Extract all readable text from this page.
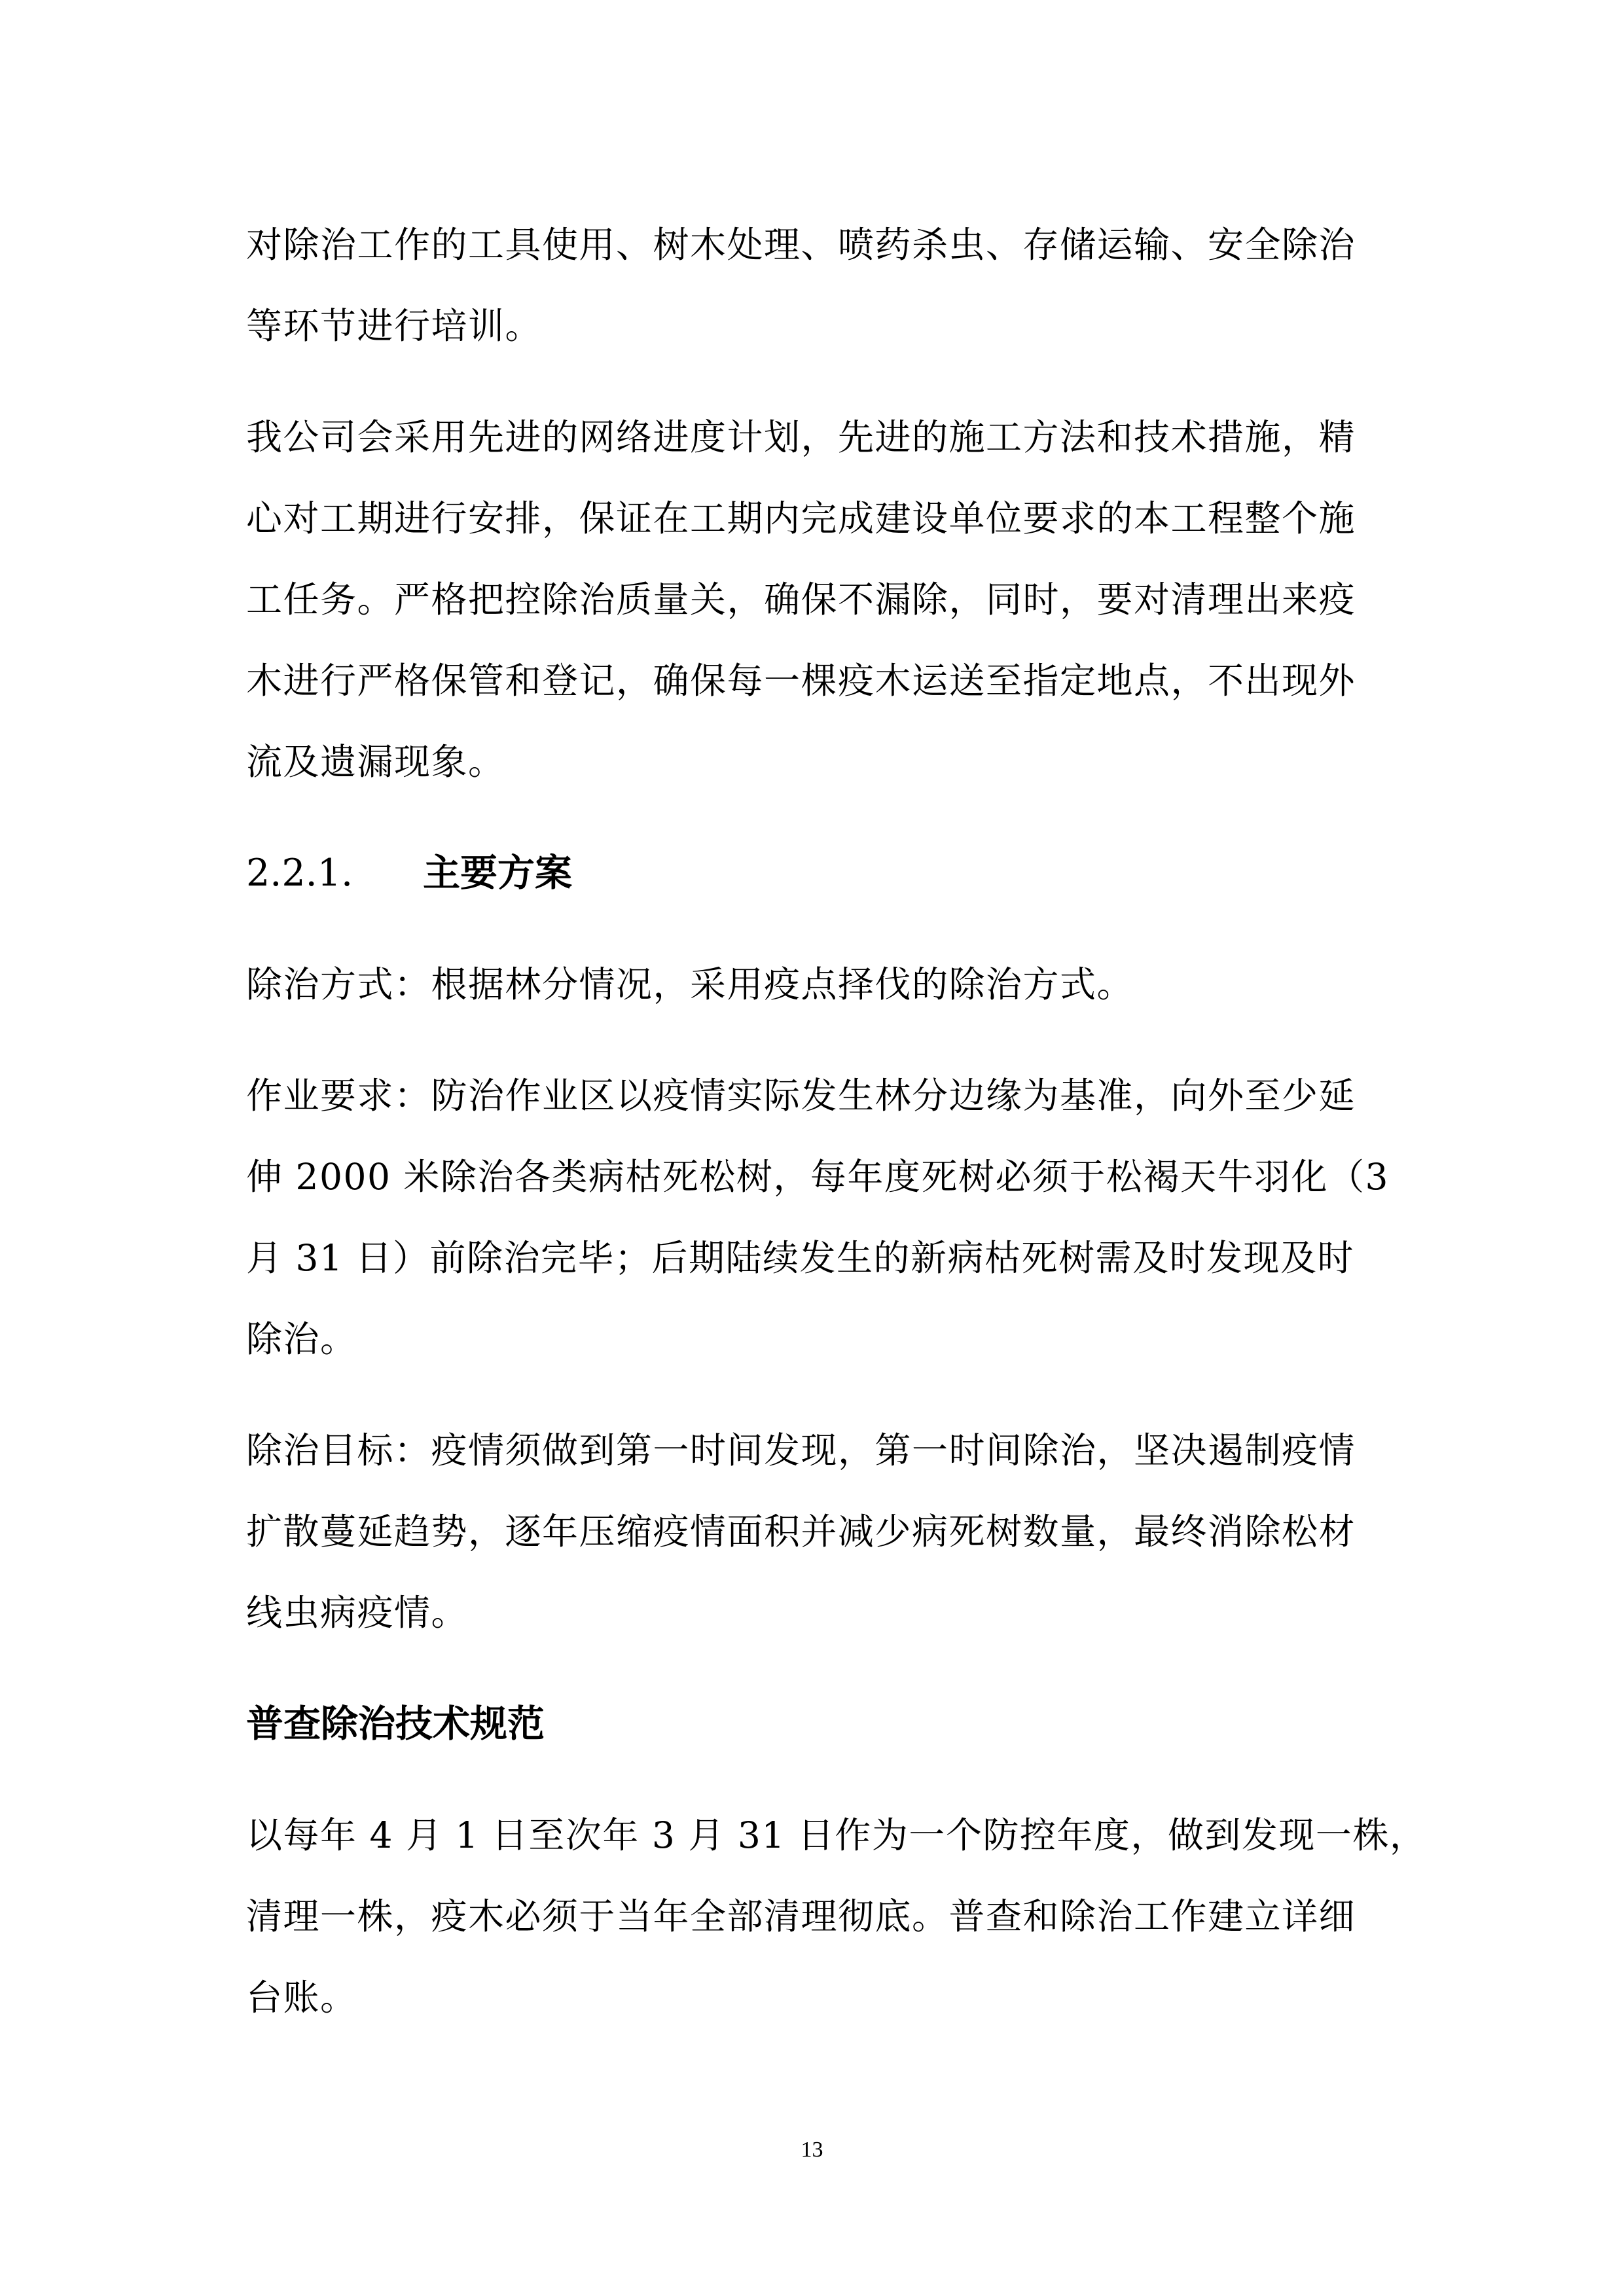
对除治工作的工具使用、树木处理、喷药杀虫、存储运输、安全除治
等环节进行培训。
我公司会采用先进的网络进度计划，先进的施工方法和技术措施，精
心对工期进行安排，保证在工期内完成建设单位要求的本工程整个施
工任务。严格把控除治质量关，确保不漏除，同时，要对清理出来疫
木进行严格保管和登记，确保每一棵疫木运送至指定地点，不出现外
流及遗漏现象。
2.2.1. 主要方案
除治方式：根据林分情况，采用疫点择伐的除治方式。
作业要求：防治作业区以疫情实际发生林分边缘为基准，向外至少延
伸 2000 米除治各类病枯死松树，每年度死树必须于松褐天牛羽化（3
月 31 日）前除治完毕；后期陆续发生的新病枯死树需及时发现及时
除治。
除治目标：疫情须做到第一时间发现，第一时间除治，坚决遏制疫情
扩散蔓延趋势，逐年压缩疫情面积并减少病死树数量，最终消除松材
线虫病疫情。
普查除治技术规范
以每年 4 月 1 日至次年 3 月 31 日作为一个防控年度，做到发现一株，
清理一株，疫木必须于当年全部清理彻底。普查和除治工作建立详细
台账。
13
